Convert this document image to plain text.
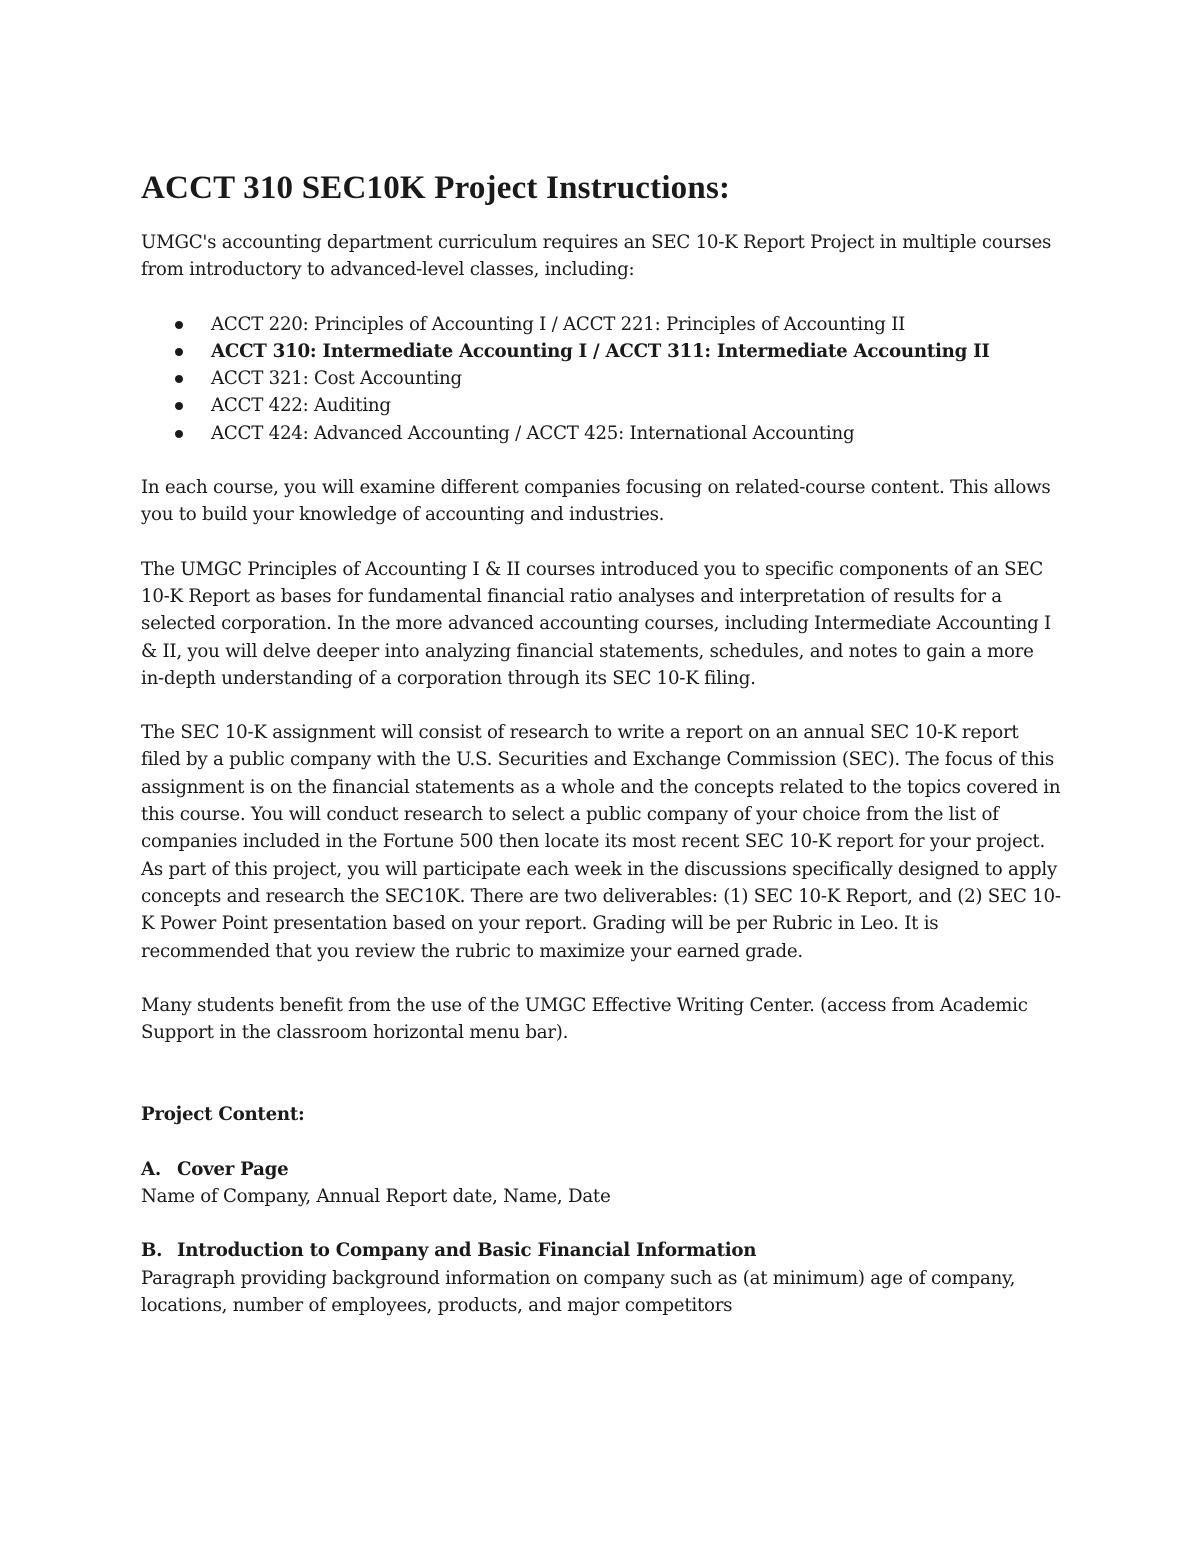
ACCT 310 SEC10K Project Instructions:

UMGC's accounting department curriculum requires an SEC 10-K Report Project in multiple courses from introductory to advanced-level classes, including:

ACCT 220: Principles of Accounting I / ACCT 221: Principles of Accounting II
ACCT 310: Intermediate Accounting I / ACCT 311: Intermediate Accounting II
ACCT 321: Cost Accounting
ACCT 422: Auditing
ACCT 424: Advanced Accounting / ACCT 425: International Accounting

In each course, you will examine different companies focusing on related-course content. This allows you to build your knowledge of accounting and industries.

The UMGC Principles of Accounting I & II courses introduced you to specific components of an SEC 10-K Report as bases for fundamental financial ratio analyses and interpretation of results for a selected corporation. In the more advanced accounting courses, including Intermediate Accounting I & II, you will delve deeper into analyzing financial statements, schedules, and notes to gain a more in-depth understanding of a corporation through its SEC 10-K filing.

The SEC 10-K assignment will consist of research to write a report on an annual SEC 10-K report filed by a public company with the U.S. Securities and Exchange Commission (SEC). The focus of this assignment is on the financial statements as a whole and the concepts related to the topics covered in this course. You will conduct research to select a public company of your choice from the list of companies included in the Fortune 500 then locate its most recent SEC 10-K report for your project. As part of this project, you will participate each week in the discussions specifically designed to apply concepts and research the SEC10K. There are two deliverables: (1) SEC 10-K Report, and (2) SEC 10-K Power Point presentation based on your report. Grading will be per Rubric in Leo. It is recommended that you review the rubric to maximize your earned grade.

Many students benefit from the use of the UMGC Effective Writing Center. (access from Academic Support in the classroom horizontal menu bar).

Project Content:
A. Cover Page

Name of Company, Annual Report date, Name, Date

B. Introduction to Company and Basic Financial Information

Paragraph providing background information on company such as (at minimum) age of company, locations, number of employees, products, and major competitors
